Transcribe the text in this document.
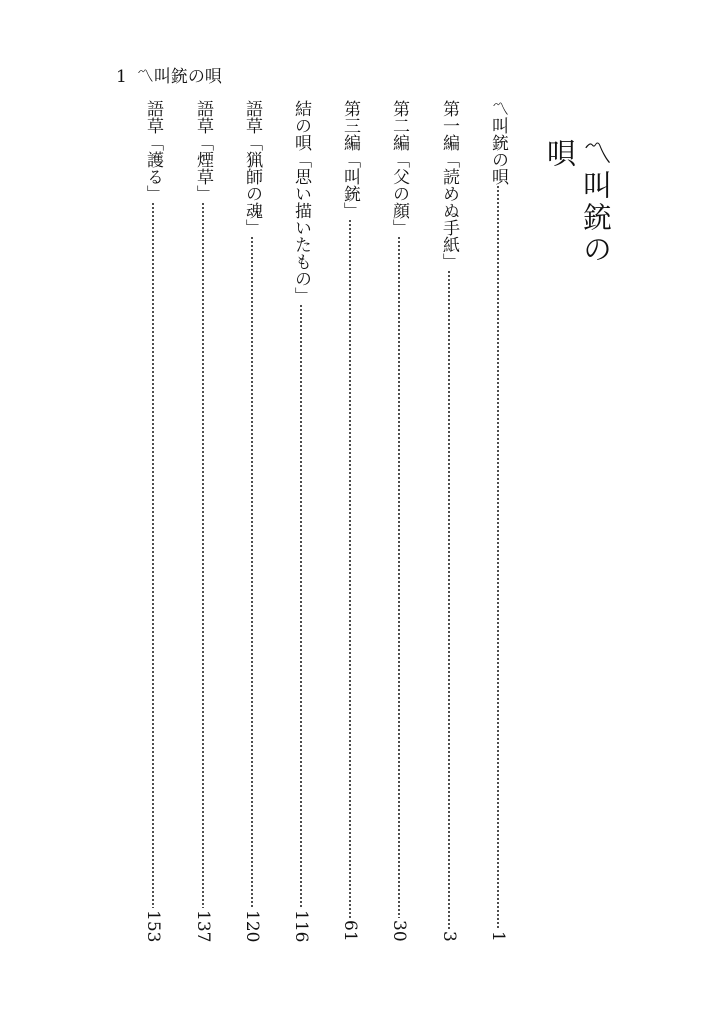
1 〽叫銃の唄
〽叫銃の唄
〽叫銃の唄
1
第一編
「読めぬ手紙」
3
第二編
「父の顔」
30
第三編
「叫銃」
61
結の唄
「思い描いたもの」
116
語草
「猟師の魂」
120
語草
「煙草」
137
語草
「護る」
153
